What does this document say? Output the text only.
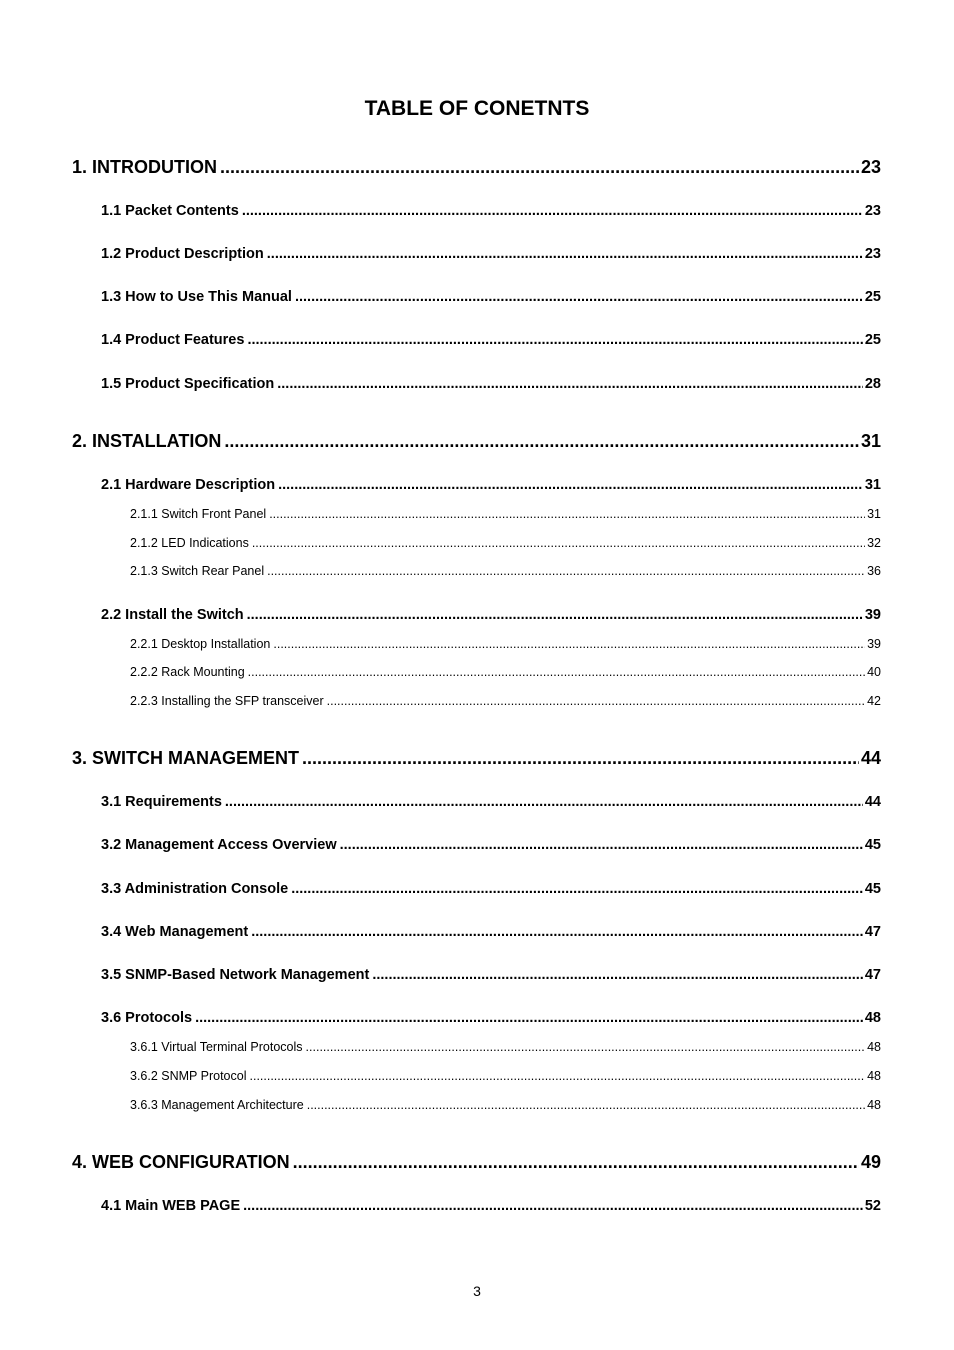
TABLE OF CONETNTS
1. INTRODUTION .....	23
1.1 Packet Contents .....	23
1.2 Product Description .....	23
1.3 How to Use This Manual .....	25
1.4 Product Features .....	25
1.5 Product Specification .....	28
2. INSTALLATION .....	31
2.1 Hardware Description .....	31
2.1.1 Switch Front Panel .....	31
2.1.2 LED Indications .....	32
2.1.3 Switch Rear Panel .....	36
2.2 Install the Switch .....	39
2.2.1 Desktop Installation .....	39
2.2.2 Rack Mounting .....	40
2.2.3 Installing the SFP transceiver .....	42
3. SWITCH MANAGEMENT .....	44
3.1 Requirements .....	44
3.2 Management Access Overview .....	45
3.3 Administration Console .....	45
3.4 Web Management .....	47
3.5 SNMP-Based Network Management .....	47
3.6 Protocols .....	48
3.6.1 Virtual Terminal Protocols .....	48
3.6.2 SNMP Protocol .....	48
3.6.3 Management Architecture .....	48
4. WEB CONFIGURATION .....	49
4.1 Main WEB PAGE .....	52
3
